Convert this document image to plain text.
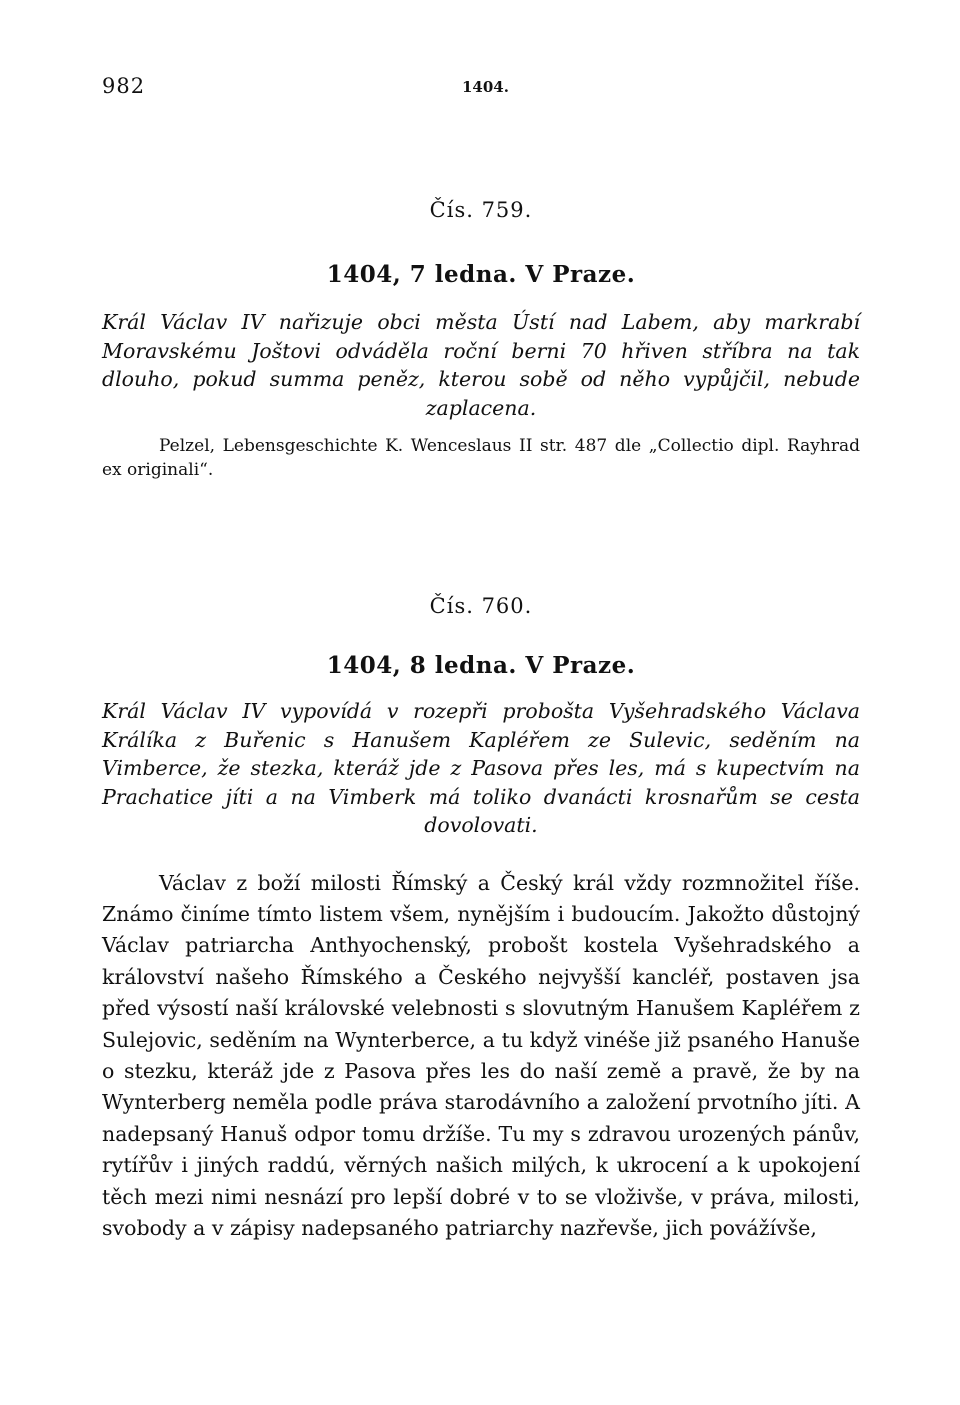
982	1404.

Čís. 759.

1404, 7 ledna. V Praze.

Král Václav IV nařizuje obci města Ústí nad Labem, aby markrabí Moravskému Joštovi odváděla roční berni 70 hřiven stříbra na tak dlouho, pokud summa peněz, kterou sobě od něho vypůjčil, nebude zaplacena.

Pelzel, Lebensgeschichte K. Wenceslaus II str. 487 dle „Collectio dipl. Rayhrad ex originali“.

Čís. 760.

1404, 8 ledna. V Praze.

Král Václav IV vypovídá v rozepři probošta Vyšehradského Václava Králíka z Buřenic s Hanušem Kapléřem ze Sulevic, seděním na Vimberce, že stezka, kteráž jde z Pasova přes les, má s kupectvím na Prachatice jíti a na Vimberk má toliko dvanácti krosnařům se cesta dovolovati.

Václav z boží milosti Římský a Český král vždy rozmnožitel říše. Známo činíme tímto listem všem, nynějším i budoucím. Jakožto důstojný Václav patriarcha Anthyochenský, probošt kostela Vyšehradského a království našeho Římského a Českého nejvyšší kancléř, postaven jsa před výsostí naší královské velebnosti s slovutným Hanušem Kapléřem z Sulejovic, seděním na Wynterberce, a tu když vinéše již psaného Hanuše o stezku, kteráž jde z Pasova přes les do naší země a pravě, že by na Wynterberg neměla podle práva starodávního a založení prvotního jíti. A nadepsaný Hanuš odpor tomu držíše. Tu my s zdravou urozených pánův, rytířův i jiných raddú, věrných našich milých, k ukrocení a k upokojení těch mezi nimi nesnází pro lepší dobré v to se vloživše, v práva, milosti, svobody a v zápisy nadepsaného patriarchy nazřevše, jich povážívše,
